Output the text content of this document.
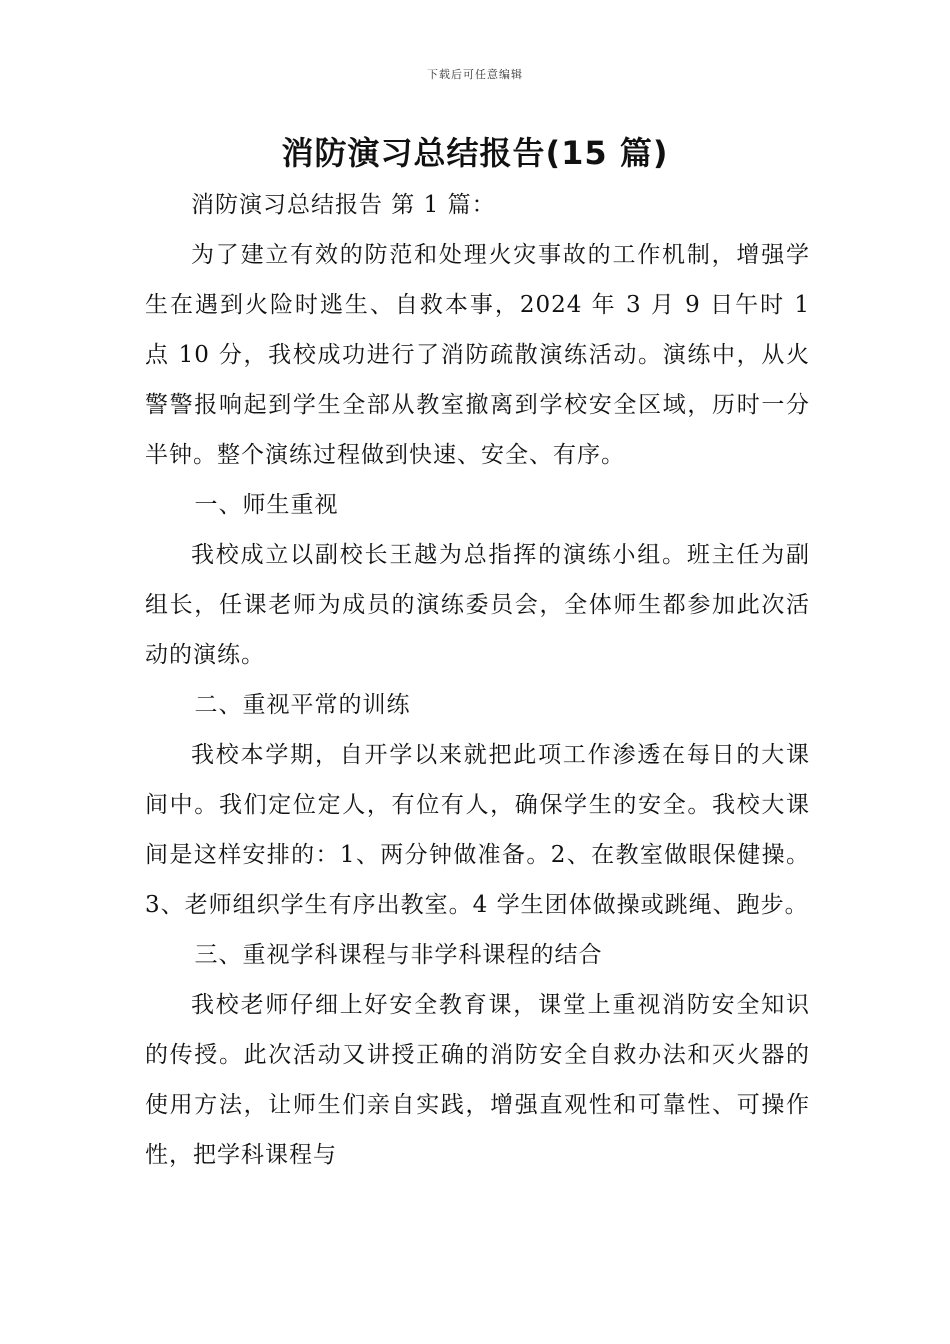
下载后可任意编辑
消防演习总结报告(15 篇)

消防演习总结报告 第 1 篇：

为了建立有效的防范和处理火灾事故的工作机制，增强学生在遇到火险时逃生、自救本事，2024 年 3 月 9 日午时 1 点 10 分，我校成功进行了消防疏散演练活动。演练中，从火警警报响起到学生全部从教室撤离到学校安全区域，历时一分半钟。整个演练过程做到快速、安全、有序。

一、师生重视

我校成立以副校长王越为总指挥的演练小组。班主任为副组长，任课老师为成员的演练委员会，全体师生都参加此次活动的演练。

二、重视平常的训练

我校本学期，自开学以来就把此项工作渗透在每日的大课间中。我们定位定人，有位有人，确保学生的安全。我校大课间是这样安排的：1、两分钟做准备。2、在教室做眼保健操。3、老师组织学生有序出教室。4 学生团体做操或跳绳、跑步。

三、重视学科课程与非学科课程的结合

我校老师仔细上好安全教育课，课堂上重视消防安全知识的传授。此次活动又讲授正确的消防安全自救办法和灭火器的使用方法，让师生们亲自实践，增强直观性和可靠性、可操作性，把学科课程与
